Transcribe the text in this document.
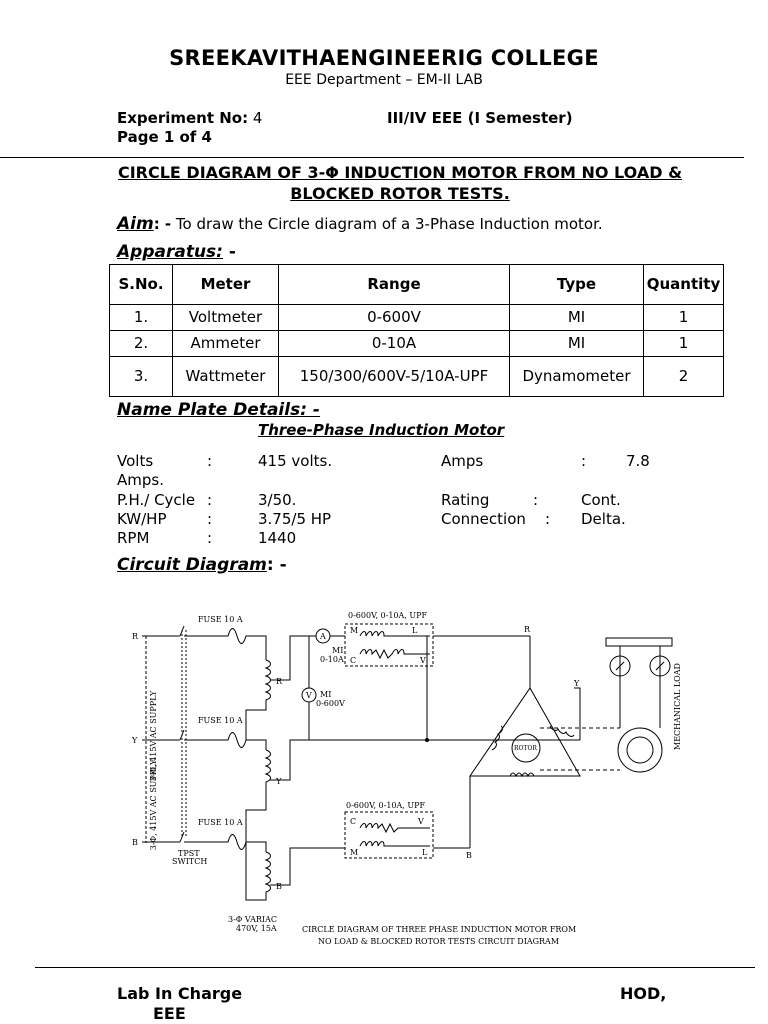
SREEKAVITHAENGINEERIG COLLEGE
EEE Department – EM-II LAB
Experiment No: 4	III/IV EEE (I Semester)
Page 1 of 4
CIRCLE DIAGRAM OF 3-Φ INDUCTION MOTOR FROM NO LOAD & BLOCKED ROTOR TESTS.
Aim: - To draw the Circle diagram of a 3-Phase Induction motor.
Apparatus: -
S.No.	Meter	Range	Type	Quantity
1.	Voltmeter	0-600V	MI	1
2.	Ammeter	0-10A	MI	1
3.	Wattmeter	150/300/600V-5/10A-UPF	Dynamometer	2
Name Plate Details: -
Three-Phase Induction Motor
Volts	:	415 volts.
P.H./ Cycle :	3/50.
KW/HP	:	3.75/5 HP
RPM	:	1440
Amps	:	7.8
Amps.
Rating	:	Cont.
Connection : Delta.
Circuit Diagram: -
3-Φ, 415V AC SUPPLY
3-Φ, 415V AC SUPPLY
R
Y
B
TPST
SWITCH
FUSE 10 A
FUSE 10 A
FUSE 10 A
R
Y
B
3-Φ VARIAC
470V, 15A
A
MI
0-10A
0-600V, 0-10A, UPF
M	L
C	V
R
V MI
0-600V
Y
0-600V, 0-10A, UPF
C	V
M	L	B
ROTOR	MECHANICAL LOAD
CIRCLE DIAGRAM OF THREE PHASE INDUCTION MOTOR FROM
NO LOAD & BLOCKED ROTOR TESTS CIRCUIT DIAGRAM
Lab In Charge
EEE
HOD,
